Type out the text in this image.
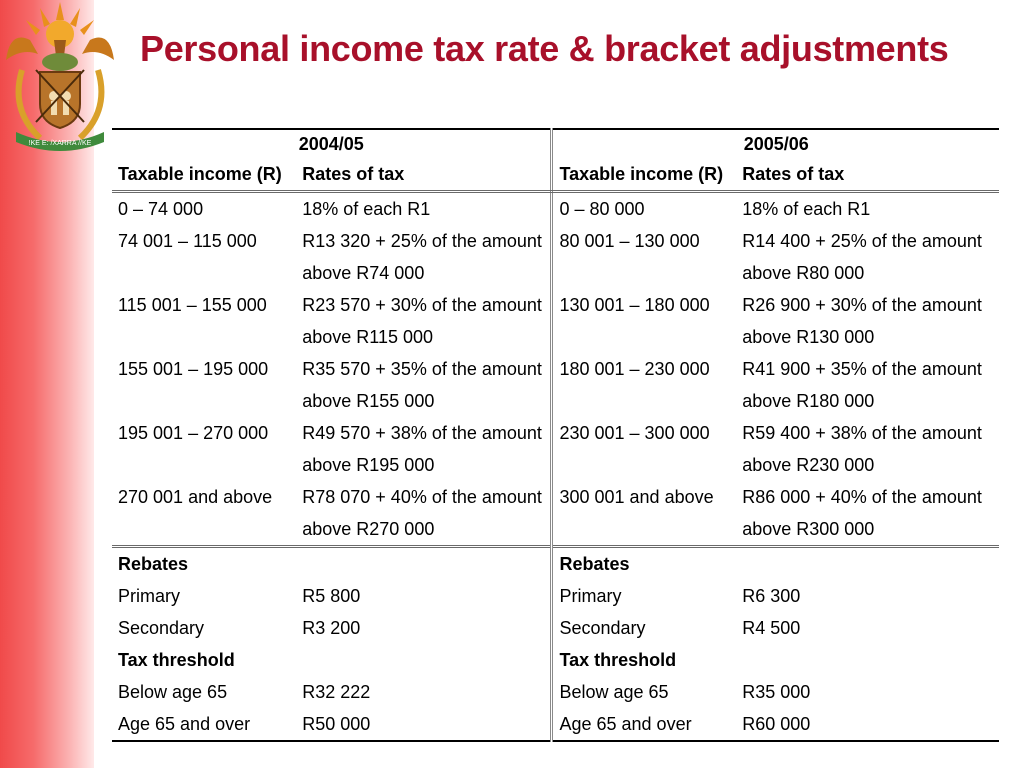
!KE E: /XARRA //KE
Personal income tax rate & bracket adjustments
2004/05		2005/06	
Taxable income (R)	Rates of tax	Taxable income (R)	Rates of tax
0 – 74 000	18% of each R1	0 – 80 000	18% of each R1
74 001 – 115 000	R13 320 + 25% of the amount	80 001 – 130 000	R14 400 + 25% of the amount
	above R74 000		above R80 000
115 001 – 155 000	R23 570 + 30% of the amount	130 001 – 180 000	R26 900 + 30% of the amount
	above R115 000		above R130 000
155 001 – 195 000	R35 570 + 35% of the amount	180 001 – 230 000	R41 900 + 35% of the amount
	above R155 000		above R180 000
195 001 – 270 000	R49 570 + 38% of the amount	230 001 – 300 000	R59 400 + 38% of the amount
	above R195 000		above R230 000
270 001 and above	R78 070 + 40% of the amount	300 001 and above	R86 000 + 40% of the amount
	above R270 000		above R300 000
Rebates		Rebates	
Primary	R5 800	Primary	R6 300
Secondary	R3 200	Secondary	R4 500
Tax threshold		Tax threshold	
Below age 65	R32 222	Below age 65	R35 000
Age 65 and over	R50 000	Age 65 and over	R60 000
